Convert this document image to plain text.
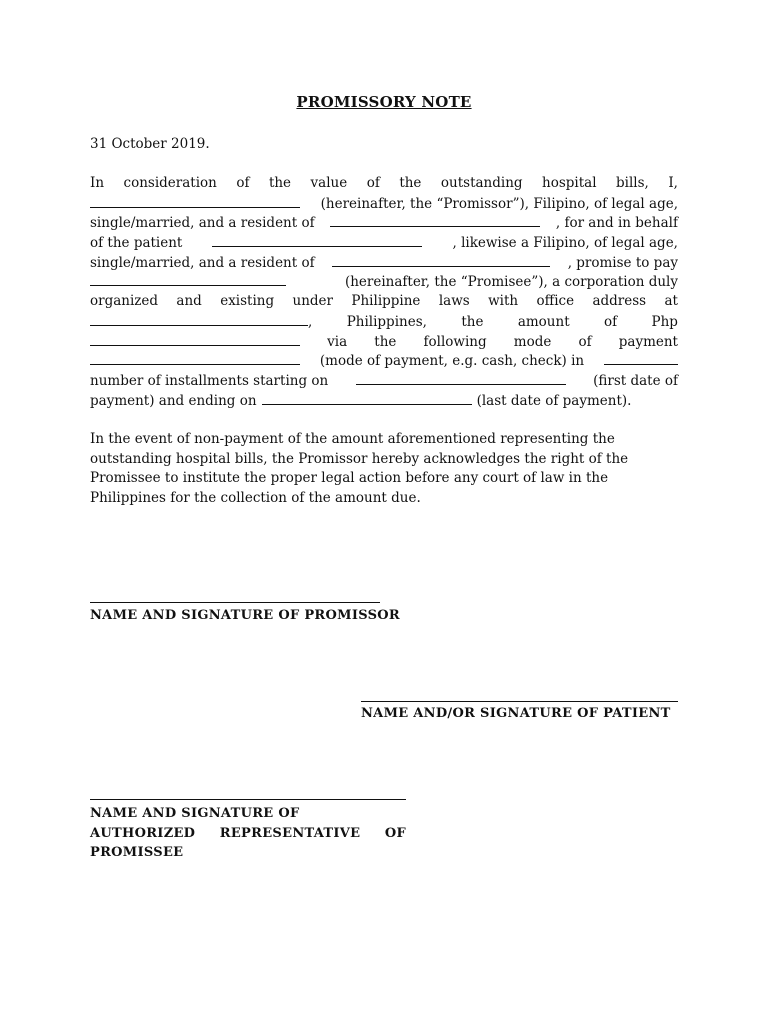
PROMISSORY NOTE
31 October 2019.
In consideration of the value of the outstanding hospital bills, I,
(hereinafter, the “Promissor”), Filipino, of legal age,
single/married, and a resident of	, for and in behalf
of the patient	, likewise a Filipino, of legal age,
single/married, and a resident of	, promise to pay
(hereinafter, the “Promisee”), a corporation duly
organized and existing under Philippine laws with office address at
,	Philippines,	the	amount	of	Php
via the following mode of payment
(mode of payment, e.g. cash, check) in
number of installments starting on	(first date of
payment) and ending on	(last date of payment).
In the event of non-payment of the amount aforementioned representing the
outstanding hospital bills, the Promissor hereby acknowledges the right of the
Promissee to institute the proper legal action before any court of law in the
Philippines for the collection of the amount due.
NAME AND SIGNATURE OF PROMISSOR
NAME AND/OR SIGNATURE OF PATIENT
NAME AND SIGNATURE OF
AUTHORIZED REPRESENTATIVE OF
PROMISSEE
